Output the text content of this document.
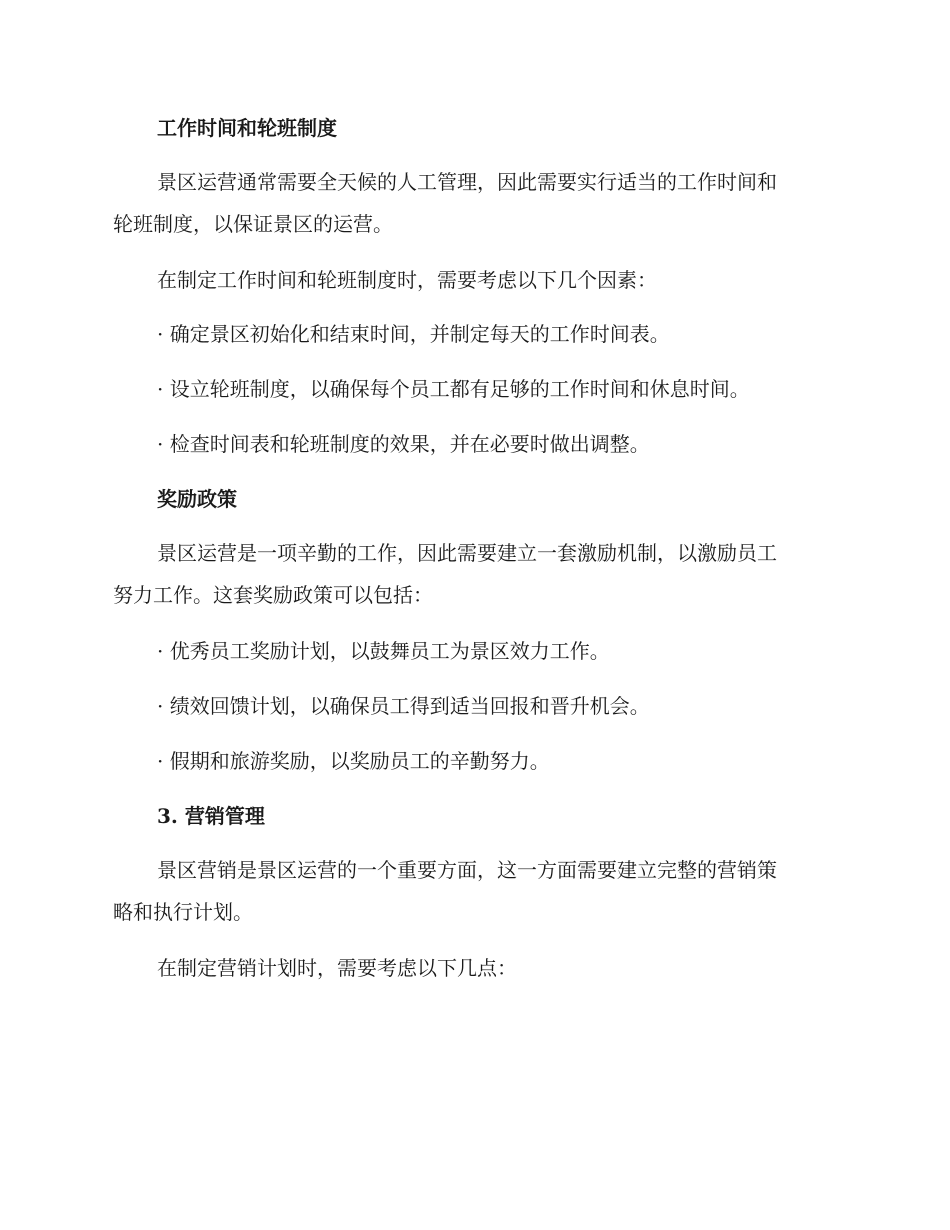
工作时间和轮班制度
景区运营通常需要全天候的人工管理，因此需要实行适当的工作时间和
轮班制度，以保证景区的运营。
在制定工作时间和轮班制度时，需要考虑以下几个因素：
· 确定景区初始化和结束时间，并制定每天的工作时间表。
· 设立轮班制度，以确保每个员工都有足够的工作时间和休息时间。
· 检查时间表和轮班制度的效果，并在必要时做出调整。
奖励政策
景区运营是一项辛勤的工作，因此需要建立一套激励机制，以激励员工
努力工作。这套奖励政策可以包括：
· 优秀员工奖励计划，以鼓舞员工为景区效力工作。
· 绩效回馈计划，以确保员工得到适当回报和晋升机会。
· 假期和旅游奖励，以奖励员工的辛勤努力。
3. 营销管理
景区营销是景区运营的一个重要方面，这一方面需要建立完整的营销策
略和执行计划。
在制定营销计划时，需要考虑以下几点：
